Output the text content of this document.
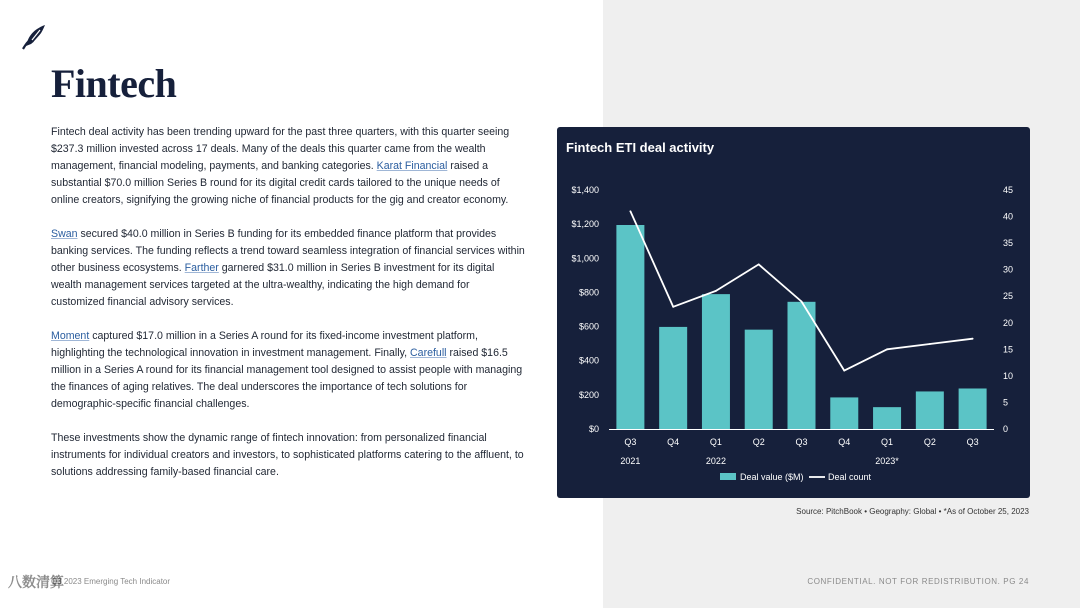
Fintech

Fintech deal activity has been trending upward for the past three quarters, with this quarter seeing $237.3 million invested across 17 deals. Many of the deals this quarter came from the wealth management, financial modeling, payments, and banking categories. Karat Financial raised a substantial $70.0 million Series B round for its digital credit cards tailored to the unique needs of online creators, signifying the growing niche of financial products for the gig and creator economy.

Swan secured $40.0 million in Series B funding for its embedded finance platform that provides banking services. The funding reflects a trend toward seamless integration of financial services within other business ecosystems. Farther garnered $31.0 million in Series B investment for its digital wealth management services targeted at the ultra-wealthy, indicating the high demand for customized financial advisory services.

Moment captured $17.0 million in a Series A round for its fixed-income investment platform, highlighting the technological innovation in investment management. Finally, Carefull raised $16.5 million in a Series A round for its financial management tool designed to assist people with managing the finances of aging relatives. The deal underscores the importance of tech solutions for demographic-specific financial challenges.

These investments show the dynamic range of fintech innovation: from personalized financial instruments for individual creators and investors, to sophisticated platforms catering to the affluent, to solutions addressing family-based financial care.

Fintech ETI deal activity
$0
$200
$400
$600
$800
$1,000
$1,200
$1,400
0
5
10
15
20
25
30
35
40
45
Q3	Q4	Q1	Q2	Q3	Q4	Q1	Q2	Q3
2021	2022	2023*
Deal value ($M)	Deal count
Source: PitchBook • Geography: Global • *As of October 25, 2023
Q3 2023 Emerging Tech Indicator	CONFIDENTIAL. NOT FOR REDISTRIBUTION. PG 24
八数清算
